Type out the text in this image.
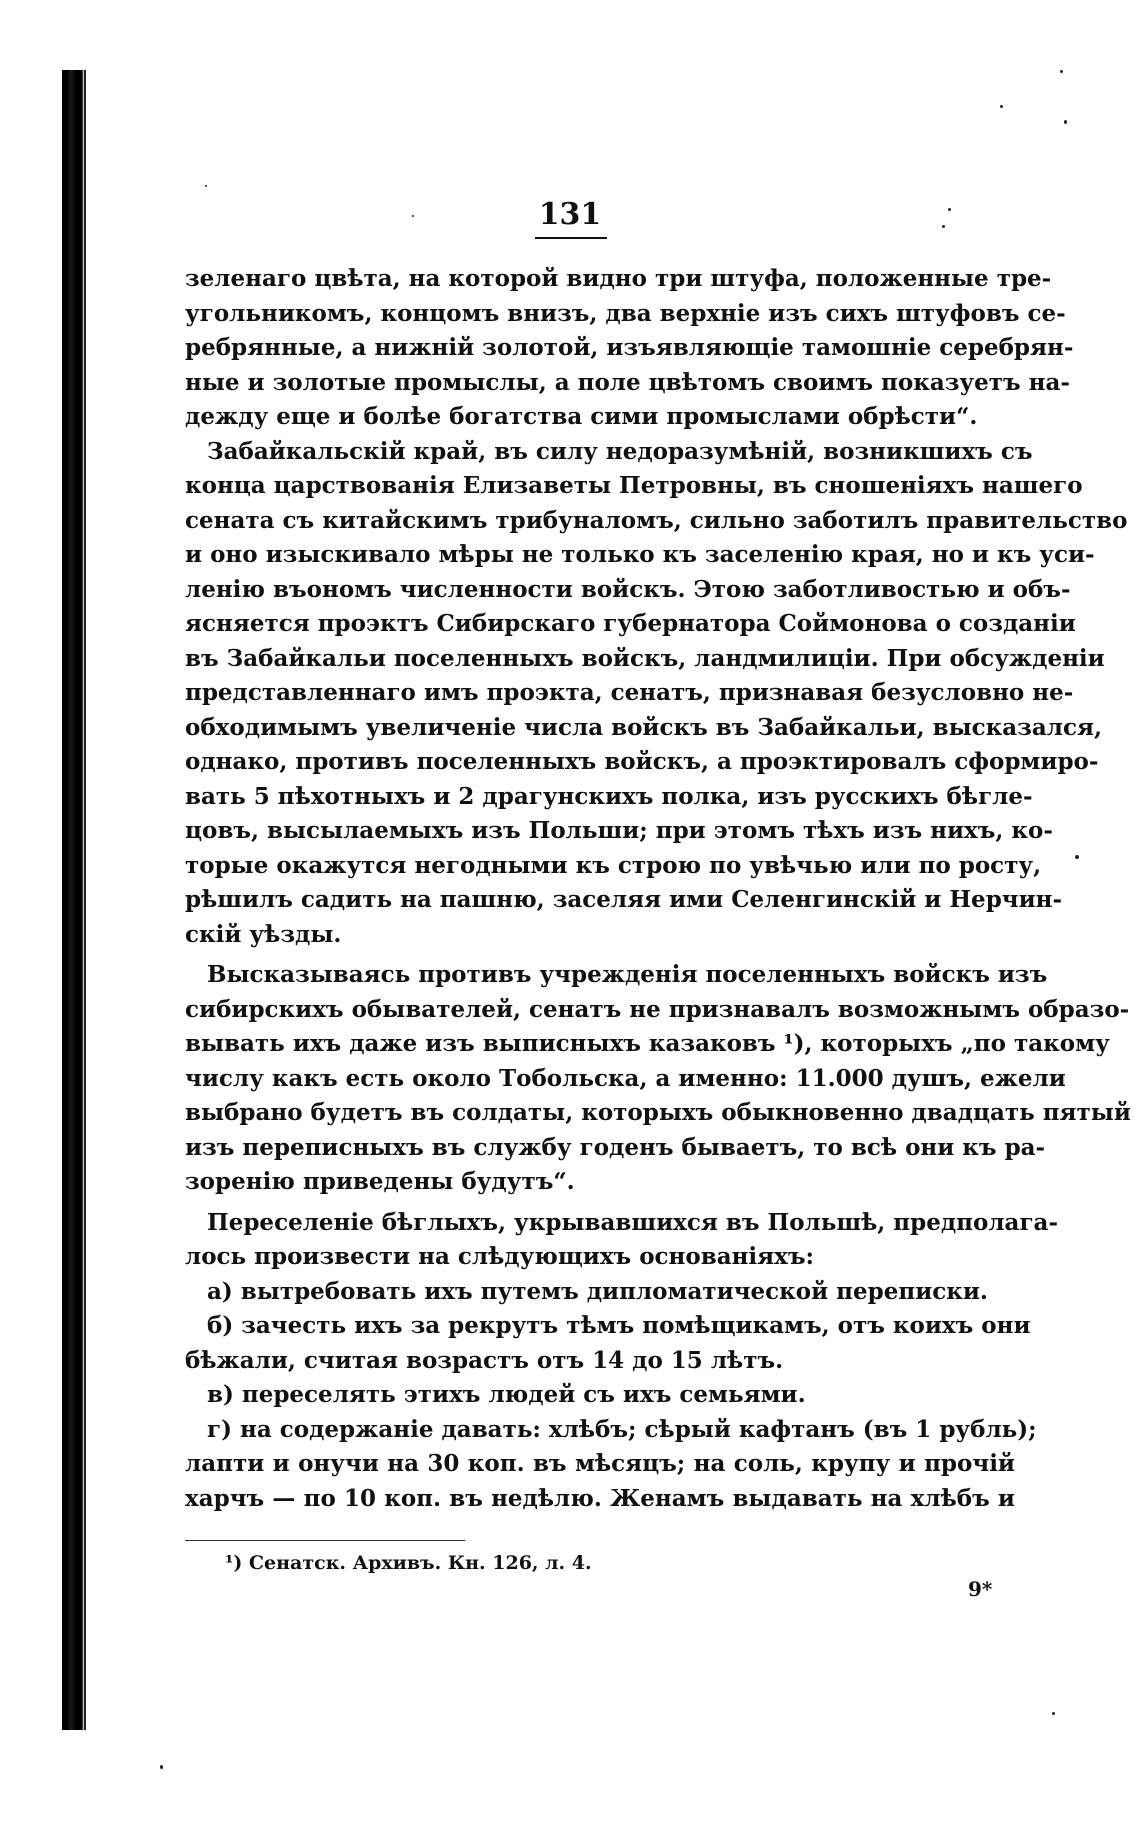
131
зеленаго цвѣта, на которой видно три штуфа, положенные тре-
угольникомъ, концомъ внизъ, два верхніе изъ сихъ штуфовъ се-
ребрянные, а нижній золотой, изъявляющіе тамошніе серебрян-
ные и золотые промыслы, а поле цвѣтомъ своимъ показуетъ на-
дежду еще и болѣе богатства сими промыслами обрѣсти“.
Забайкальскій край, въ силу недоразумѣній, возникшихъ съ
конца царствованія Елизаветы Петровны, въ сношеніяхъ нашего
сената съ китайскимъ трибуналомъ, сильно заботилъ правительство
и оно изыскивало мѣры не только къ заселенію края, но и къ уси-
ленію въономъ численности войскъ. Этою заботливостью и объ-
ясняется проэктъ Сибирскаго губернатора Соймонова о созданіи
въ Забайкальи поселенныхъ войскъ, ландмилиціи. При обсужденіи
представленнаго имъ проэкта, сенатъ, признавая безусловно не-
обходимымъ увеличеніе числа войскъ въ Забайкальи, высказался,
однако, противъ поселенныхъ войскъ, а проэктировалъ сформиро-
вать 5 пѣхотныхъ и 2 драгунскихъ полка, изъ русскихъ бѣгле-
цовъ, высылаемыхъ изъ Польши; при этомъ тѣхъ изъ нихъ, ко-
торые окажутся негодными къ строю по увѣчью или по росту,
рѣшилъ садить на пашню, заселяя ими Селенгинскій и Нерчин-
скій уѣзды.
Высказываясь противъ учрежденія поселенныхъ войскъ изъ
сибирскихъ обывателей, сенатъ не признавалъ возможнымъ образо-
вывать ихъ даже изъ выписныхъ казаковъ ¹), которыхъ „по такому
числу какъ есть около Тобольска, а именно: 11.000 душъ, ежели
выбрано будетъ въ солдаты, которыхъ обыкновенно двадцать пятый
изъ переписныхъ въ службу годенъ бываетъ, то всѣ они къ ра-
зоренію приведены будутъ“.
Переселеніе бѣглыхъ, укрывавшихся въ Польшѣ, предполага-
лось произвести на слѣдующихъ основаніяхъ:
а) вытребовать ихъ путемъ дипломатической переписки.
б) зачесть ихъ за рекрутъ тѣмъ помѣщикамъ, отъ коихъ они
бѣжали, считая возрастъ отъ 14 до 15 лѣтъ.
в) переселять этихъ людей съ ихъ семьями.
г) на содержаніе давать: хлѣбъ; сѣрый кафтанъ (въ 1 рубль);
лапти и онучи на 30 коп. въ мѣсяцъ; на соль, крупу и прочій
харчъ — по 10 коп. въ недѣлю. Женамъ выдавать на хлѣбъ и
¹) Сенатск. Архивъ. Кн. 126, л. 4.
9*
